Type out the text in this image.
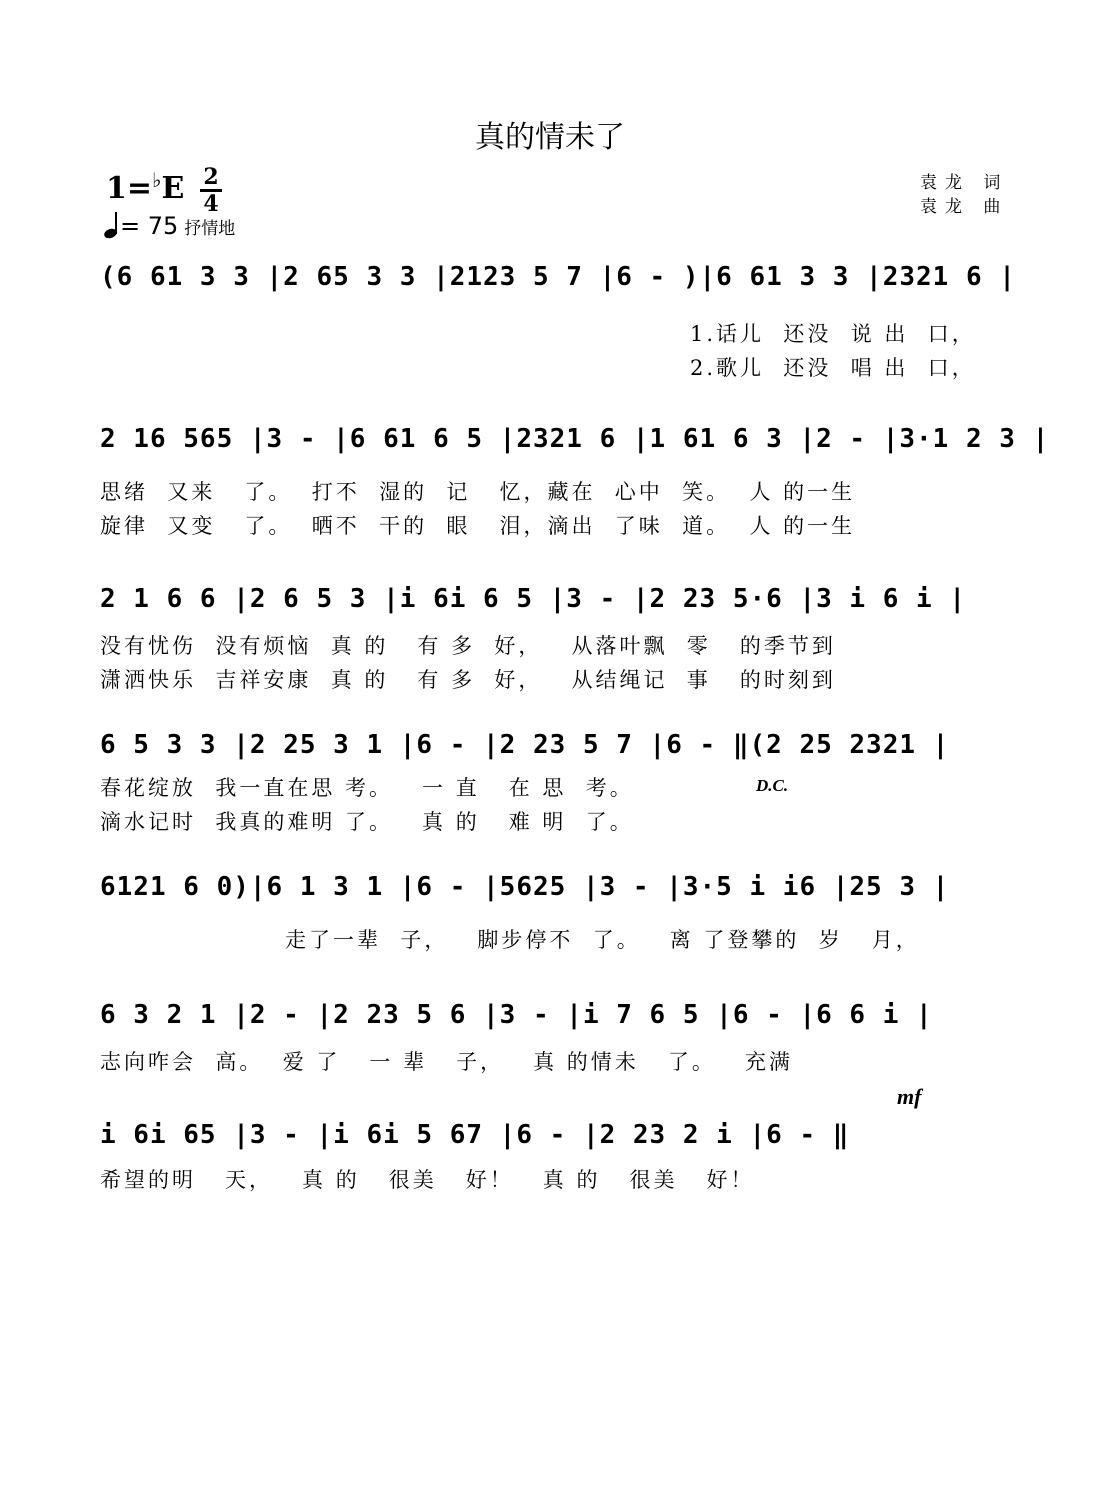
真的情未了
袁龙 词
袁龙 曲
1=♭E 2
4
= 75 抒情地
(6 61 3 3 |2 65 3 3 |2123 5 7 |6 - )|6 61 3 3 |2321 6 |
1.话儿  还没  说 出  口，
2.歌儿  还没  唱 出  口，
2 16 565 |3 - |6 61 6 5 |2321 6 |1 61 6 3 |2 - |3·1 2 3 |
思绪  又来   了。  打不  湿的  记   忆，藏在  心中  笑。  人 的一生
旋律  又变   了。  晒不  干的  眼   泪，滴出  了味  道。  人 的一生
2 1 6 6 |2 6 5 3 |i 6i 6 5 |3 - |2 23 5·6 |3 i 6 i |
没有忧伤  没有烦恼  真 的   有 多  好，   从落叶飘  零   的季节到
潇洒快乐  吉祥安康  真 的   有 多  好，   从结绳记  事   的时刻到
6 5 3 3 |2 25 3 1 |6 - |2 23 5 7 |6 - ‖(2 25 2321 |
春花绽放  我一直在思 考。   一 直   在 思  考。	D.C.
滴水记时  我真的难明 了。   真 的   难 明  了。
6121 6 0)|6 1 3 1 |6 - |5625 |3 - |3·5 i i6 |25 3 |
走了一辈  子，   脚步停不  了。   离 了登攀的  岁   月，
6 3 2 1 |2 - |2 23 5 6 |3 - |i 7 6 5 |6 - |6 6 i |
志向咋会  高。  爱 了   一 辈   子，   真 的情未   了。   充满
mf
i 6i 65 |3 - |i 6i 5 67 |6 - |2 23 2 i |6 - ‖
希望的明   天，   真 的   很美   好！   真 的   很美   好！
